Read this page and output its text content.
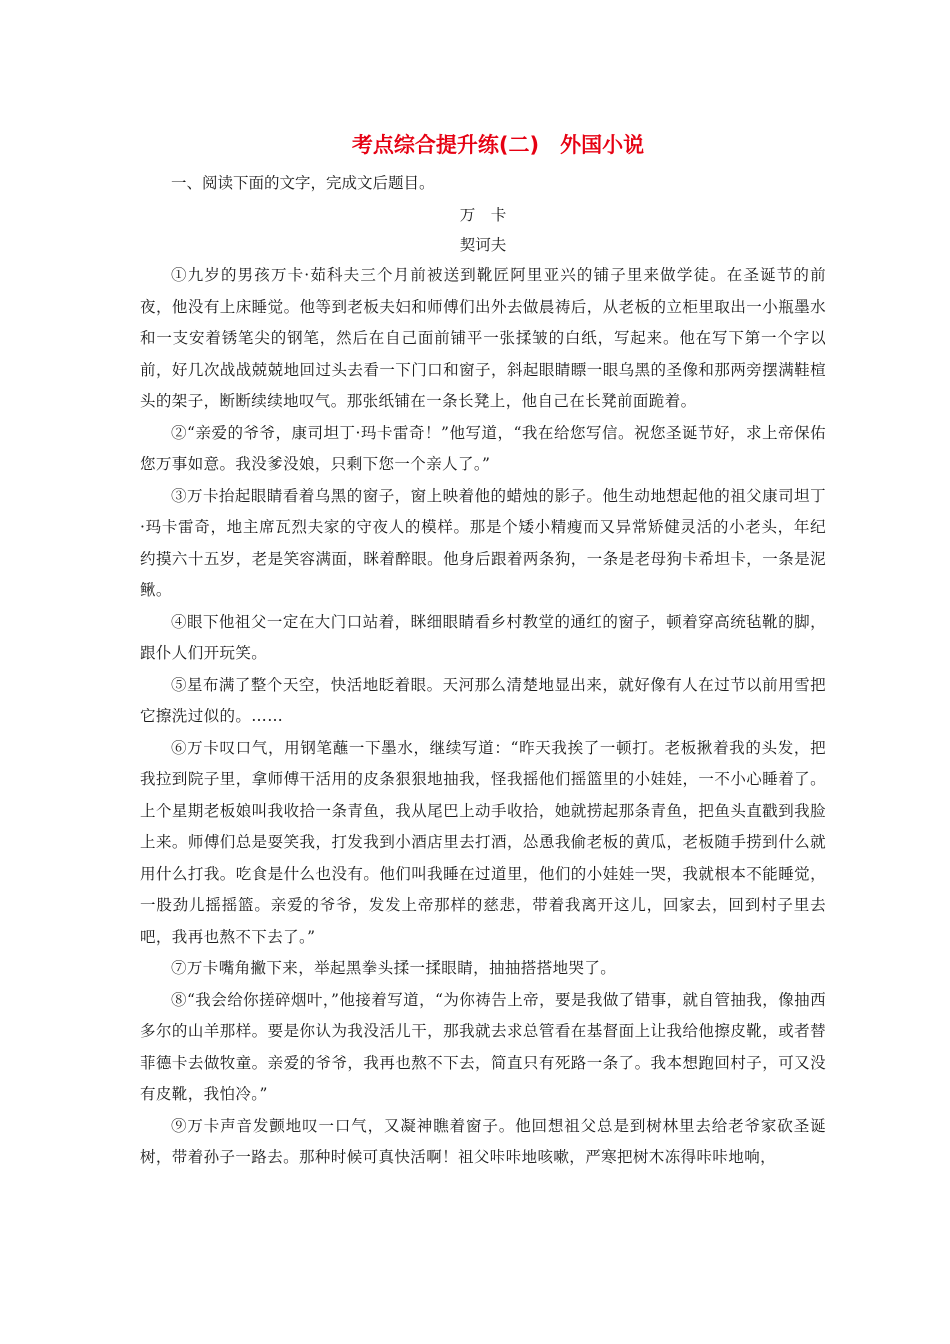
考点综合提升练(二)　外国小说

一、阅读下面的文字，完成文后题目。

万　卡

契诃夫

①九岁的男孩万卡·茹科夫三个月前被送到靴匠阿里亚兴的铺子里来做学徒。在圣诞节的前夜，他没有上床睡觉。他等到老板夫妇和师傅们出外去做晨祷后，从老板的立柜里取出一小瓶墨水和一支安着锈笔尖的钢笔，然后在自己面前铺平一张揉皱的白纸，写起来。他在写下第一个字以前，好几次战战兢兢地回过头去看一下门口和窗子，斜起眼睛瞟一眼乌黑的圣像和那两旁摆满鞋楦头的架子，断断续续地叹气。那张纸铺在一条长凳上，他自己在长凳前面跪着。

②“亲爱的爷爷，康司坦丁·玛卡雷奇！”他写道，“我在给您写信。祝您圣诞节好，求上帝保佑您万事如意。我没爹没娘，只剩下您一个亲人了。”

③万卡抬起眼睛看着乌黑的窗子，窗上映着他的蜡烛的影子。他生动地想起他的祖父康司坦丁·玛卡雷奇，地主席瓦烈夫家的守夜人的模样。那是个矮小精瘦而又异常矫健灵活的小老头，年纪约摸六十五岁，老是笑容满面，眯着醉眼。他身后跟着两条狗，一条是老母狗卡希坦卡，一条是泥鳅。

④眼下他祖父一定在大门口站着，眯细眼睛看乡村教堂的通红的窗子，顿着穿高统毡靴的脚，跟仆人们开玩笑。

⑤星布满了整个天空，快活地眨着眼。天河那么清楚地显出来，就好像有人在过节以前用雪把它擦洗过似的。……

⑥万卡叹口气，用钢笔蘸一下墨水，继续写道：“昨天我挨了一顿打。老板揪着我的头发，把我拉到院子里，拿师傅干活用的皮条狠狠地抽我，怪我摇他们摇篮里的小娃娃，一不小心睡着了。上个星期老板娘叫我收拾一条青鱼，我从尾巴上动手收拾，她就捞起那条青鱼，把鱼头直戳到我脸上来。师傅们总是耍笑我，打发我到小酒店里去打酒，怂恿我偷老板的黄瓜，老板随手捞到什么就用什么打我。吃食是什么也没有。他们叫我睡在过道里，他们的小娃娃一哭，我就根本不能睡觉，一股劲儿摇摇篮。亲爱的爷爷，发发上帝那样的慈悲，带着我离开这儿，回家去，回到村子里去吧，我再也熬不下去了。”

⑦万卡嘴角撇下来，举起黑拳头揉一揉眼睛，抽抽搭搭地哭了。

⑧“我会给你搓碎烟叶，”他接着写道，“为你祷告上帝，要是我做了错事，就自管抽我，像抽西多尔的山羊那样。要是你认为我没活儿干，那我就去求总管看在基督面上让我给他擦皮靴，或者替菲德卡去做牧童。亲爱的爷爷，我再也熬不下去，简直只有死路一条了。我本想跑回村子，可又没有皮靴，我怕冷。”

⑨万卡声音发颤地叹一口气，又凝神瞧着窗子。他回想祖父总是到树林里去给老爷家砍圣诞树，带着孙子一路去。那种时候可真快活啊！祖父咔咔地咳嗽，严寒把树木冻得咔咔地响，
